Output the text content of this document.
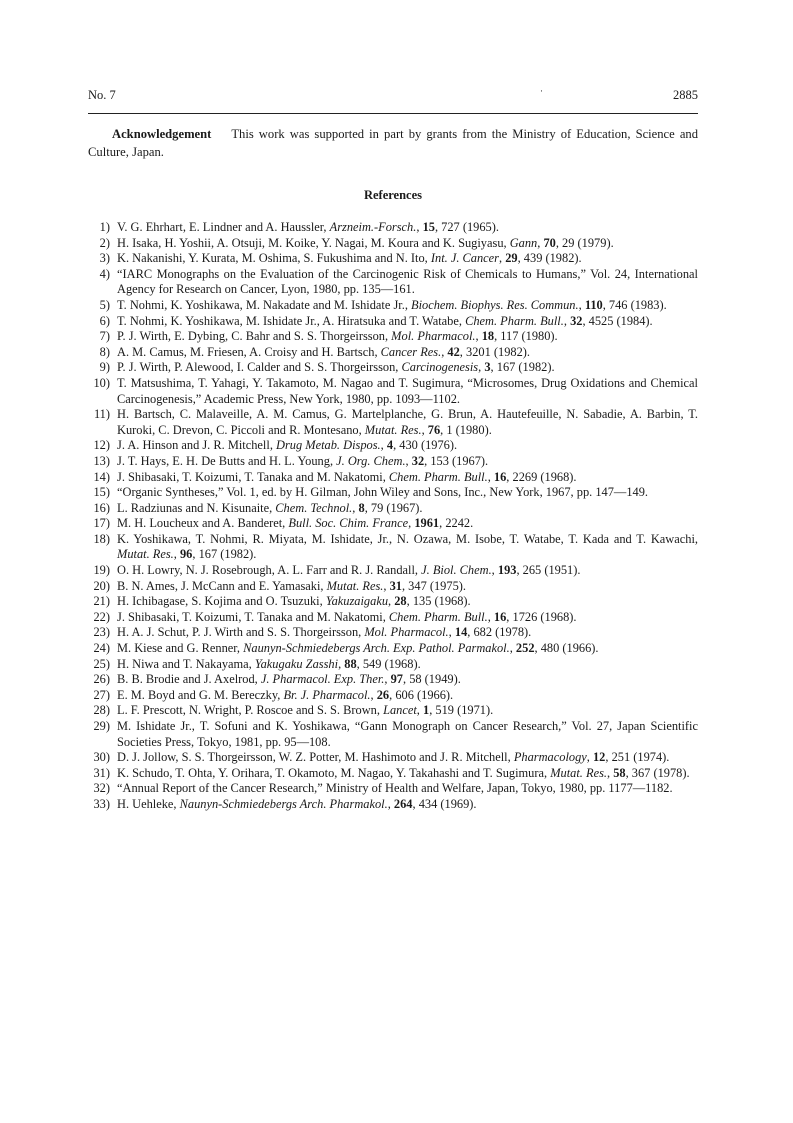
No. 7	·	2885
Acknowledgement This work was supported in part by grants from the Ministry of Education, Science and Culture, Japan.
References
1) V. G. Ehrhart, E. Lindner and A. Haussler, Arzneim.-Forsch., 15, 727 (1965).
2) H. Isaka, H. Yoshii, A. Otsuji, M. Koike, Y. Nagai, M. Koura and K. Sugiyasu, Gann, 70, 29 (1979).
3) K. Nakanishi, Y. Kurata, M. Oshima, S. Fukushima and N. Ito, Int. J. Cancer, 29, 439 (1982).
4) “IARC Monographs on the Evaluation of the Carcinogenic Risk of Chemicals to Humans,” Vol. 24, International Agency for Research on Cancer, Lyon, 1980, pp. 135—161.
5) T. Nohmi, K. Yoshikawa, M. Nakadate and M. Ishidate Jr., Biochem. Biophys. Res. Commun., 110, 746 (1983).
6) T. Nohmi, K. Yoshikawa, M. Ishidate Jr., A. Hiratsuka and T. Watabe, Chem. Pharm. Bull., 32, 4525 (1984).
7) P. J. Wirth, E. Dybing, C. Bahr and S. S. Thorgeirsson, Mol. Pharmacol., 18, 117 (1980).
8) A. M. Camus, M. Friesen, A. Croisy and H. Bartsch, Cancer Res., 42, 3201 (1982).
9) P. J. Wirth, P. Alewood, I. Calder and S. S. Thorgeirsson, Carcinogenesis, 3, 167 (1982).
10) T. Matsushima, T. Yahagi, Y. Takamoto, M. Nagao and T. Sugimura, “Microsomes, Drug Oxidations and Chemical Carcinogenesis,” Academic Press, New York, 1980, pp. 1093—1102.
11) H. Bartsch, C. Malaveille, A. M. Camus, G. Martelplanche, G. Brun, A. Hautefeuille, N. Sabadie, A. Barbin, T. Kuroki, C. Drevon, C. Piccoli and R. Montesano, Mutat. Res., 76, 1 (1980).
12) J. A. Hinson and J. R. Mitchell, Drug Metab. Dispos., 4, 430 (1976).
13) J. T. Hays, E. H. De Butts and H. L. Young, J. Org. Chem., 32, 153 (1967).
14) J. Shibasaki, T. Koizumi, T. Tanaka and M. Nakatomi, Chem. Pharm. Bull., 16, 2269 (1968).
15) “Organic Syntheses,” Vol. 1, ed. by H. Gilman, John Wiley and Sons, Inc., New York, 1967, pp. 147—149.
16) L. Radziunas and N. Kisunaite, Chem. Technol., 8, 79 (1967).
17) M. H. Loucheux and A. Banderet, Bull. Soc. Chim. France, 1961, 2242.
18) K. Yoshikawa, T. Nohmi, R. Miyata, M. Ishidate, Jr., N. Ozawa, M. Isobe, T. Watabe, T. Kada and T. Kawachi, Mutat. Res., 96, 167 (1982).
19) O. H. Lowry, N. J. Rosebrough, A. L. Farr and R. J. Randall, J. Biol. Chem., 193, 265 (1951).
20) B. N. Ames, J. McCann and E. Yamasaki, Mutat. Res., 31, 347 (1975).
21) H. Ichibagase, S. Kojima and O. Tsuzuki, Yakuzaigaku, 28, 135 (1968).
22) J. Shibasaki, T. Koizumi, T. Tanaka and M. Nakatomi, Chem. Pharm. Bull., 16, 1726 (1968).
23) H. A. J. Schut, P. J. Wirth and S. S. Thorgeirsson, Mol. Pharmacol., 14, 682 (1978).
24) M. Kiese and G. Renner, Naunyn-Schmiedebergs Arch. Exp. Pathol. Parmakol., 252, 480 (1966).
25) H. Niwa and T. Nakayama, Yakugaku Zasshi, 88, 549 (1968).
26) B. B. Brodie and J. Axelrod, J. Pharmacol. Exp. Ther., 97, 58 (1949).
27) E. M. Boyd and G. M. Bereczky, Br. J. Pharmacol., 26, 606 (1966).
28) L. F. Prescott, N. Wright, P. Roscoe and S. S. Brown, Lancet, 1, 519 (1971).
29) M. Ishidate Jr., T. Sofuni and K. Yoshikawa, “Gann Monograph on Cancer Research,” Vol. 27, Japan Scientific Societies Press, Tokyo, 1981, pp. 95—108.
30) D. J. Jollow, S. S. Thorgeirsson, W. Z. Potter, M. Hashimoto and J. R. Mitchell, Pharmacology, 12, 251 (1974).
31) K. Schudo, T. Ohta, Y. Orihara, T. Okamoto, M. Nagao, Y. Takahashi and T. Sugimura, Mutat. Res., 58, 367 (1978).
32) “Annual Report of the Cancer Research,” Ministry of Health and Welfare, Japan, Tokyo, 1980, pp. 1177—1182.
33) H. Uehleke, Naunyn-Schmiedebergs Arch. Pharmakol., 264, 434 (1969).
